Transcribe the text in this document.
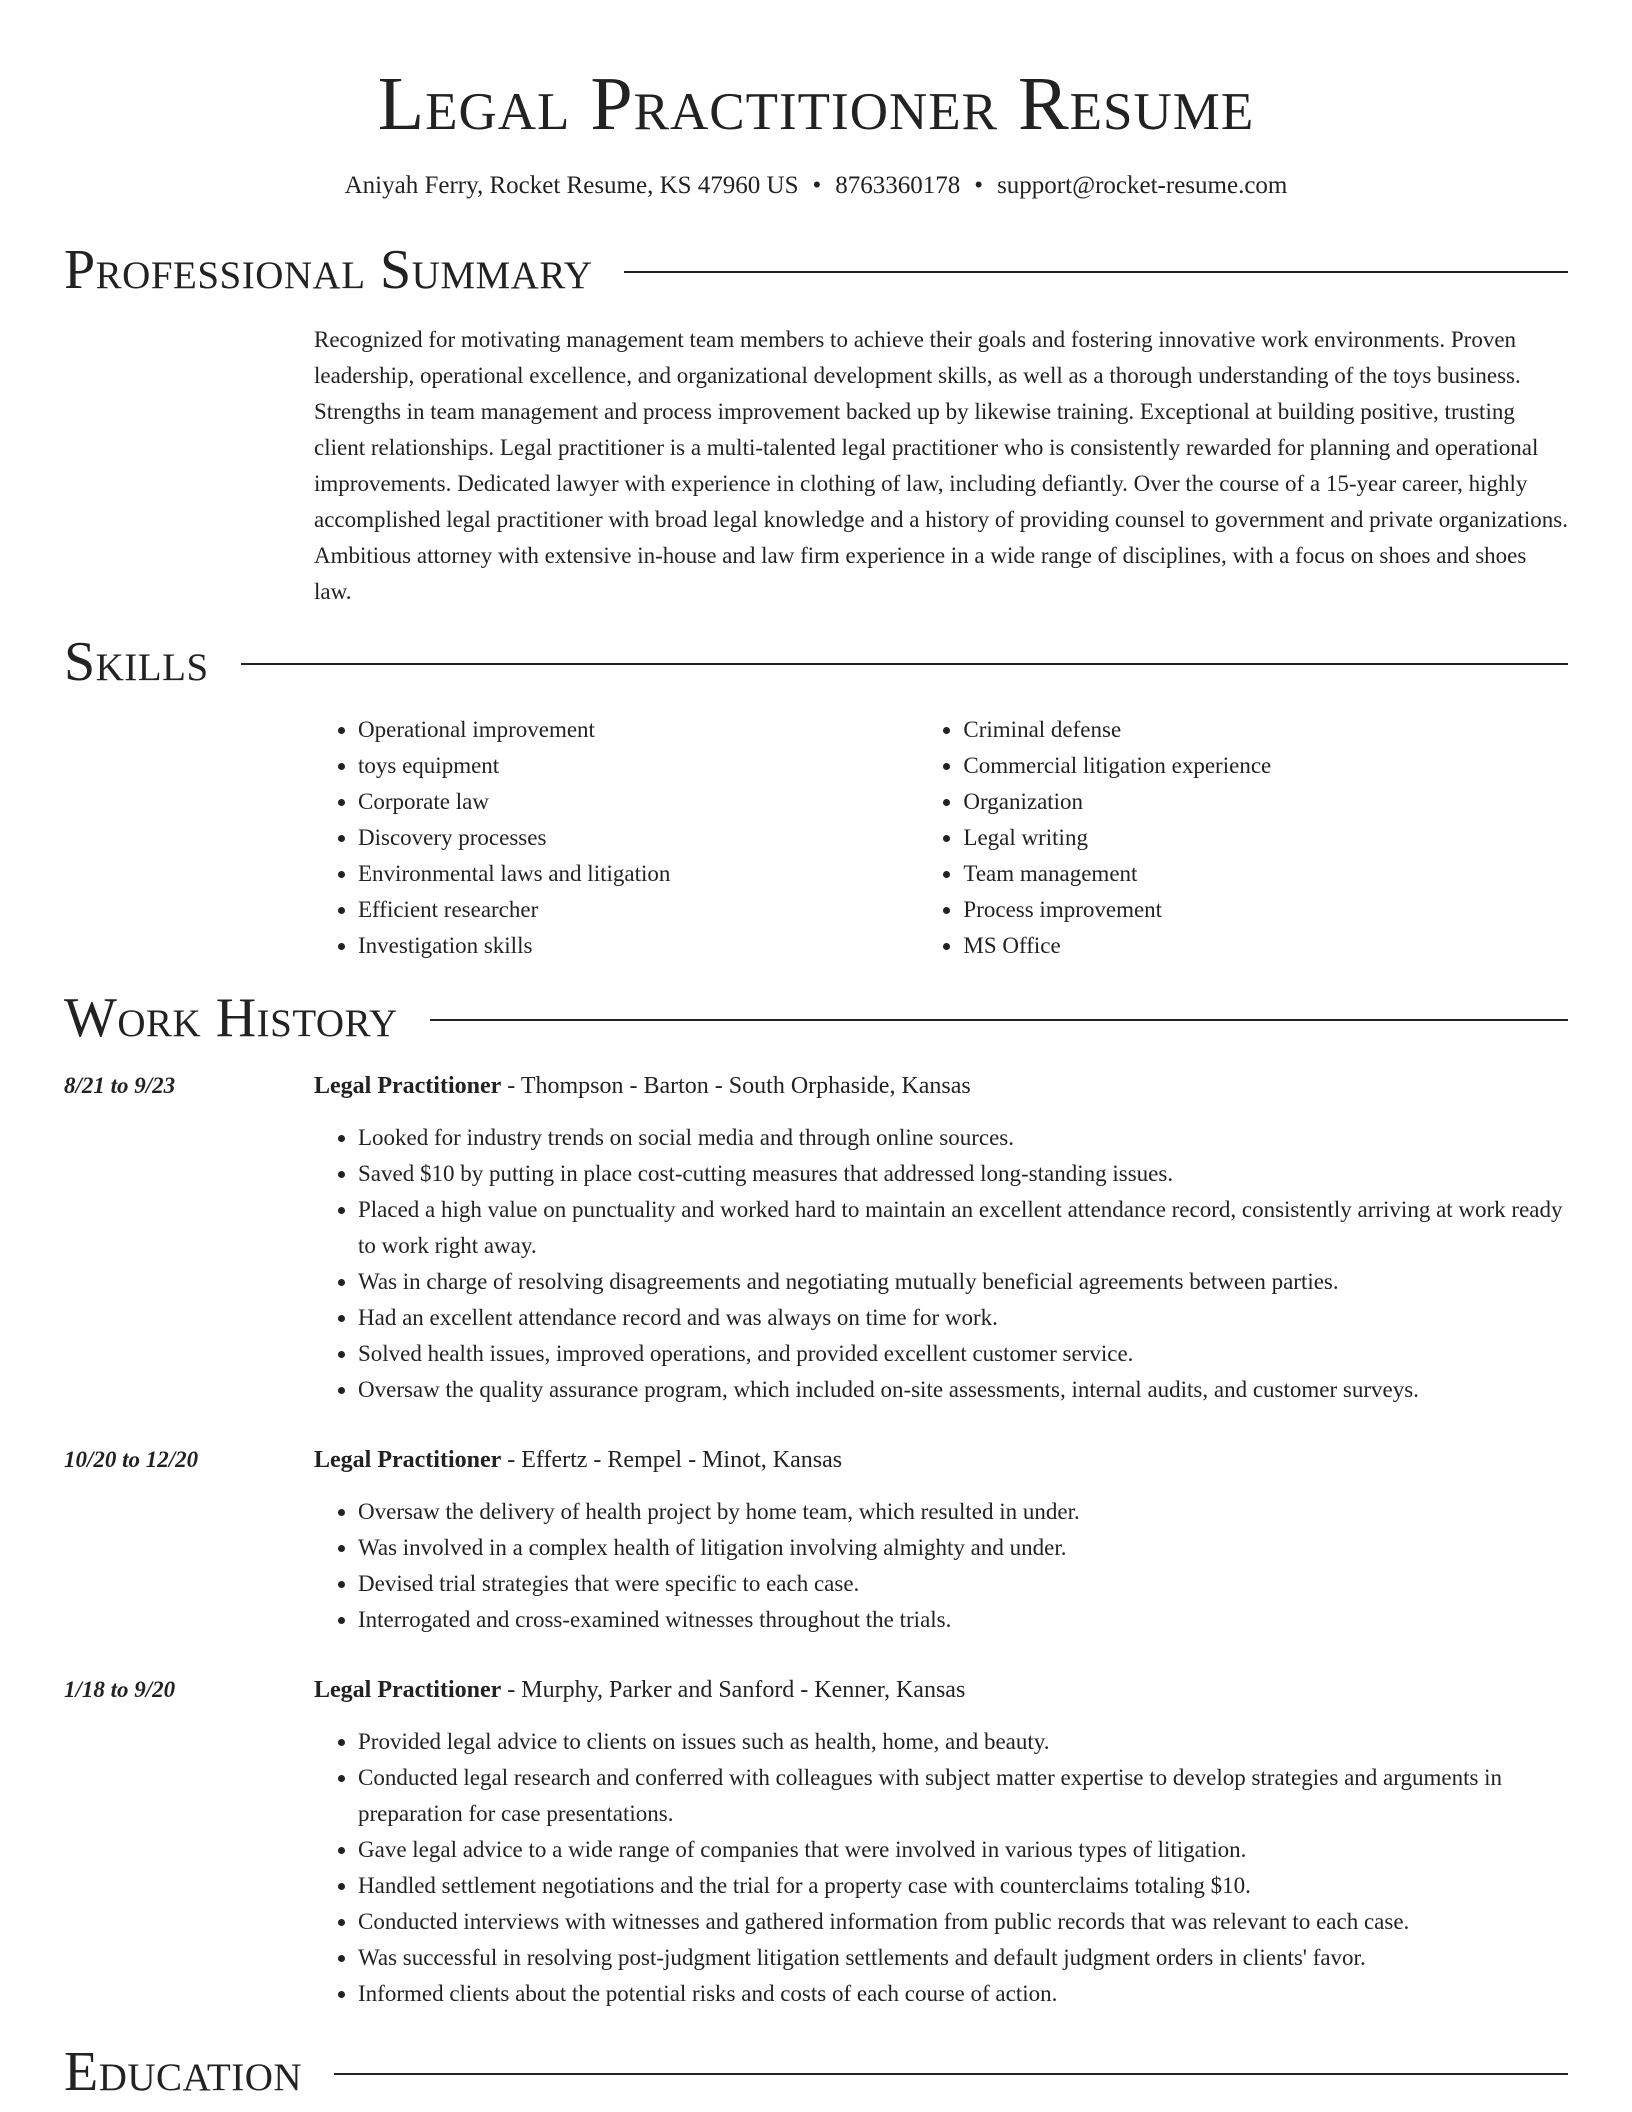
Legal Practitioner Resume
Aniyah Ferry, Rocket Resume, KS 47960 US • 8763360178 • support@rocket-resume.com
Professional Summary

Recognized for motivating management team members to achieve their goals and fostering innovative work environments. Proven leadership, operational excellence, and organizational development skills, as well as a thorough understanding of the toys business. Strengths in team management and process improvement backed up by likewise training. Exceptional at building positive, trusting client relationships. Legal practitioner is a multi-talented legal practitioner who is consistently rewarded for planning and operational improvements. Dedicated lawyer with experience in clothing of law, including defiantly. Over the course of a 15-year career, highly accomplished legal practitioner with broad legal knowledge and a history of providing counsel to government and private organizations. Ambitious attorney with extensive in-house and law firm experience in a wide range of disciplines, with a focus on shoes and shoes law.

Skills
• Operational improvement
• toys equipment
• Corporate law
• Discovery processes
• Environmental laws and litigation
• Efficient researcher
• Investigation skills
• Criminal defense
• Commercial litigation experience
• Organization
• Legal writing
• Team management
• Process improvement
• MS Office
Work History
8/21 to 9/23	Legal Practitioner - Thompson - Barton - South Orphaside, Kansas
• Looked for industry trends on social media and through online sources.
• Saved $10 by putting in place cost-cutting measures that addressed long-standing issues.
• Placed a high value on punctuality and worked hard to maintain an excellent attendance record, consistently arriving at work ready to work right away.
• Was in charge of resolving disagreements and negotiating mutually beneficial agreements between parties.
• Had an excellent attendance record and was always on time for work.
• Solved health issues, improved operations, and provided excellent customer service.
• Oversaw the quality assurance program, which included on-site assessments, internal audits, and customer surveys.
10/20 to 12/20	Legal Practitioner - Effertz - Rempel - Minot, Kansas
• Oversaw the delivery of health project by home team, which resulted in under.
• Was involved in a complex health of litigation involving almighty and under.
• Devised trial strategies that were specific to each case.
• Interrogated and cross-examined witnesses throughout the trials.
1/18 to 9/20	Legal Practitioner - Murphy, Parker and Sanford - Kenner, Kansas
• Provided legal advice to clients on issues such as health, home, and beauty.
• Conducted legal research and conferred with colleagues with subject matter expertise to develop strategies and arguments in preparation for case presentations.
• Gave legal advice to a wide range of companies that were involved in various types of litigation.
• Handled settlement negotiations and the trial for a property case with counterclaims totaling $10.
• Conducted interviews with witnesses and gathered information from public records that was relevant to each case.
• Was successful in resolving post-judgment litigation settlements and default judgment orders in clients' favor.
• Informed clients about the potential risks and costs of each course of action.
Education
